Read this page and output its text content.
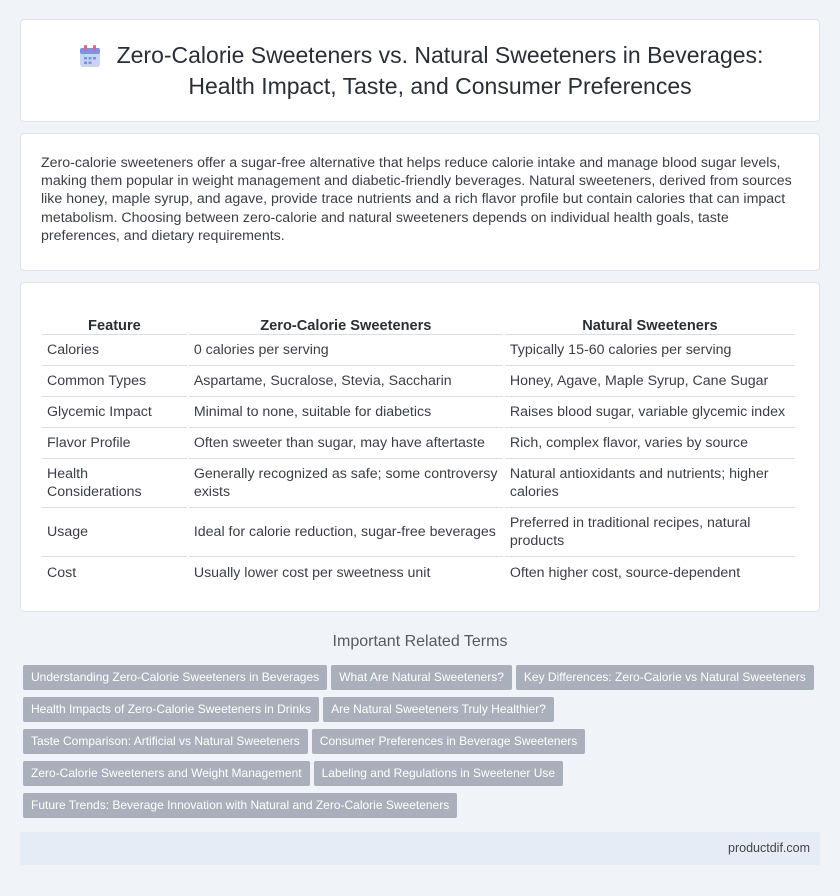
Zero-Calorie Sweeteners vs. Natural Sweeteners in Beverages:
Health Impact, Taste, and Consumer Preferences

Zero-calorie sweeteners offer a sugar-free alternative that helps reduce calorie intake and manage blood sugar levels, making them popular in weight management and diabetic-friendly beverages. Natural sweeteners, derived from sources like honey, maple syrup, and agave, provide trace nutrients and a rich flavor profile but contain calories that can impact metabolism. Choosing between zero-calorie and natural sweeteners depends on individual health goals, taste preferences, and dietary requirements.

Feature	Zero-Calorie Sweeteners	Natural Sweeteners
Calories	0 calories per serving	Typically 15-60 calories per serving
Common Types	Aspartame, Sucralose, Stevia, Saccharin	Honey, Agave, Maple Syrup, Cane Sugar
Glycemic Impact	Minimal to none, suitable for diabetics	Raises blood sugar, variable glycemic index
Flavor Profile	Often sweeter than sugar, may have aftertaste	Rich, complex flavor, varies by source
Health Considerations	Generally recognized as safe; some controversy exists	Natural antioxidants and nutrients; higher calories
Usage	Ideal for calorie reduction, sugar-free beverages	Preferred in traditional recipes, natural products
Cost	Usually lower cost per sweetness unit	Often higher cost, source-dependent
Important Related Terms
Understanding Zero-Calorie Sweeteners in Beverages What Are Natural Sweeteners? Key Differences: Zero-Calorie vs Natural Sweeteners
Health Impacts of Zero-Calorie Sweeteners in Drinks Are Natural Sweeteners Truly Healthier?
Taste Comparison: Artificial vs Natural Sweeteners Consumer Preferences in Beverage Sweeteners
Zero-Calorie Sweeteners and Weight Management Labeling and Regulations in Sweetener Use
Future Trends: Beverage Innovation with Natural and Zero-Calorie Sweeteners
productdif.com
